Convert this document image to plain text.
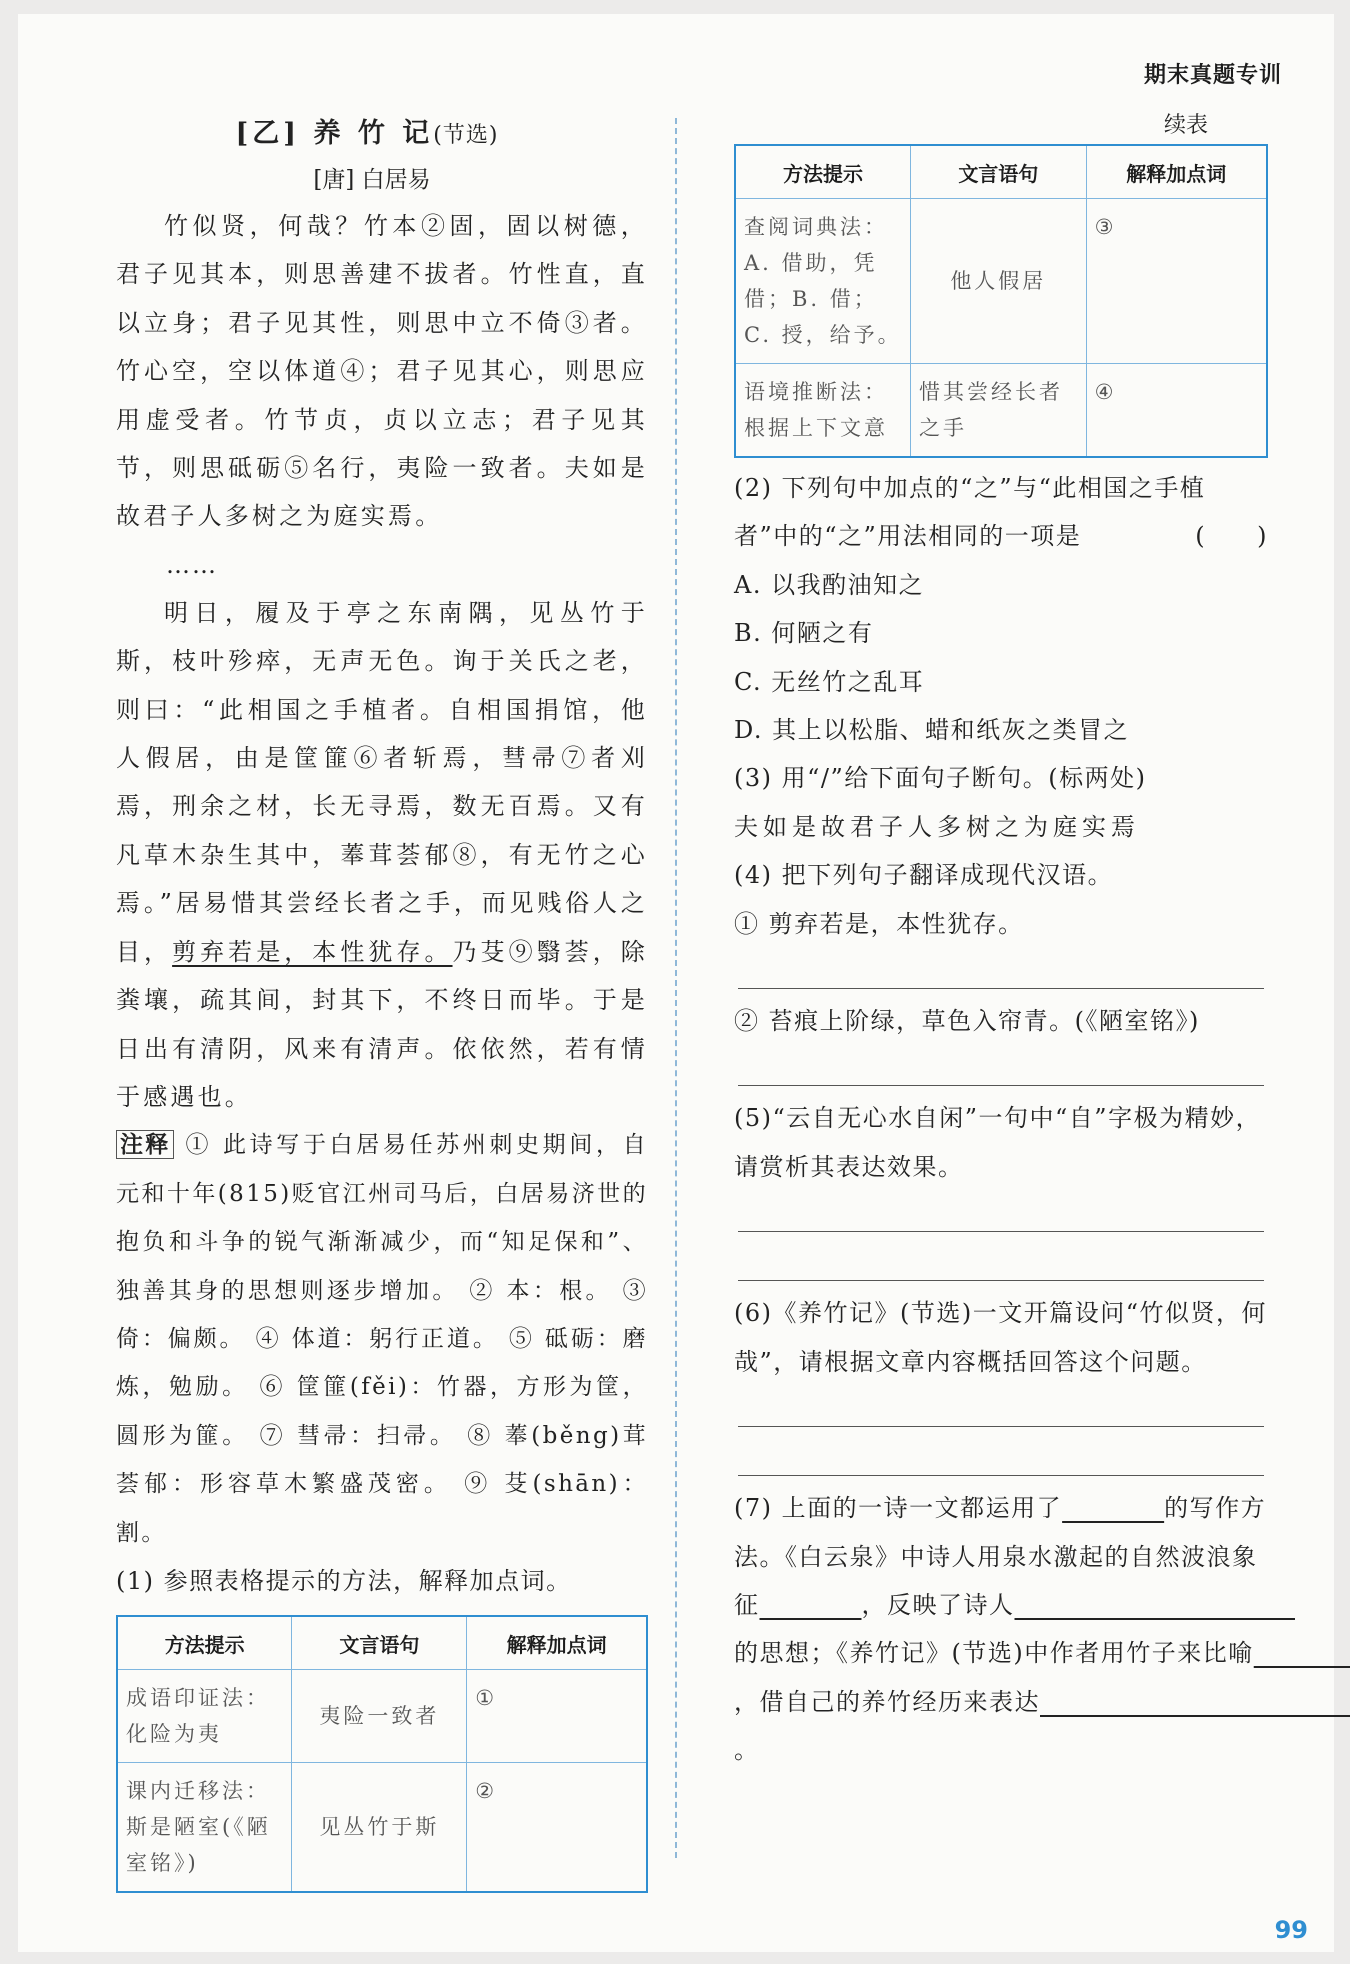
期末真题专训
[乙] 养 竹 记(节选)
[唐] 白居易

竹似贤，何哉？竹本②固，固以树德，君子见其本，则思善建不拔者。竹性直，直以立身；君子见其性，则思中立不倚③者。竹心空，空以体道④；君子见其心，则思应用虚受者。竹节贞，贞以立志；君子见其节，则思砥砺⑤名行，夷险一致者。夫如是故君子人多树之为庭实焉。

……

明日，履及于亭之东南隅，见丛竹于斯，枝叶殄瘁，无声无色。询于关氏之老，则曰：“此相国之手植者。自相国捐馆，他人假居，由是筐篚⑥者斩焉，彗帚⑦者刈焉，刑余之材，长无寻焉，数无百焉。又有凡草木杂生其中，菶茸荟郁⑧，有无竹之心焉。”居易惜其尝经长者之手，而见贱俗人之目，剪弃若是，本性犹存。乃芟⑨翳荟，除粪壤，疏其间，封其下，不终日而毕。于是日出有清阴，风来有清声。依依然，若有情于感遇也。

注释 ① 此诗写于白居易任苏州刺史期间，自元和十年(815)贬官江州司马后，白居易济世的抱负和斗争的锐气渐渐减少，而“知足保和”、独善其身的思想则逐步增加。 ② 本：根。 ③ 倚：偏颇。 ④ 体道：躬行正道。 ⑤ 砥砺：磨炼，勉励。 ⑥ 筐篚(fěi)：竹器，方形为筐，圆形为篚。 ⑦ 彗帚：扫帚。 ⑧ 菶(běng)茸荟郁：形容草木繁盛茂密。 ⑨ 芟(shān)：割。

(1) 参照表格提示的方法，解释加点词。

方法提示	文言语句	解释加点词
成语印证法：化险为夷	夷险一致者	①
课内迁移法：斯是陋室(《陋室铭》)	见丛竹于斯	②
续表
方法提示	文言语句	解释加点词
查阅词典法：A. 借助，凭借；B. 借；C. 授，给予。	他人假居	③
语境推断法：根据上下文意	惜其尝经长者之手	④

(2) 下列句中加点的“之”与“此相国之手植者”中的“之”用法相同的一项是	(　　)

A. 以我酌油知之

B. 何陋之有

C. 无丝竹之乱耳

D. 其上以松脂、蜡和纸灰之类冒之

(3) 用“/”给下面句子断句。(标两处)

夫如是故君子人多树之为庭实焉

(4) 把下列句子翻译成现代汉语。

① 剪弃若是，本性犹存。

② 苔痕上阶绿，草色入帘青。(《陋室铭》)

(5)“云自无心水自闲”一句中“自”字极为精妙，请赏析其表达效果。

(6)《养竹记》(节选)一文开篇设问“竹似贤，何哉”，请根据文章内容概括回答这个问题。

(7) 上面的一诗一文都运用了　　　　	的写作方法。《白云泉》中诗人用泉水激起的自然波浪象征　　　　	，反映了诗人　　　　　　　　　　　的思想；《养竹记》(节选)中作者用竹子来比喻　　　　　，借自己的养竹经历来表达　　　　　　　　　　　　　　　　　　。

99
